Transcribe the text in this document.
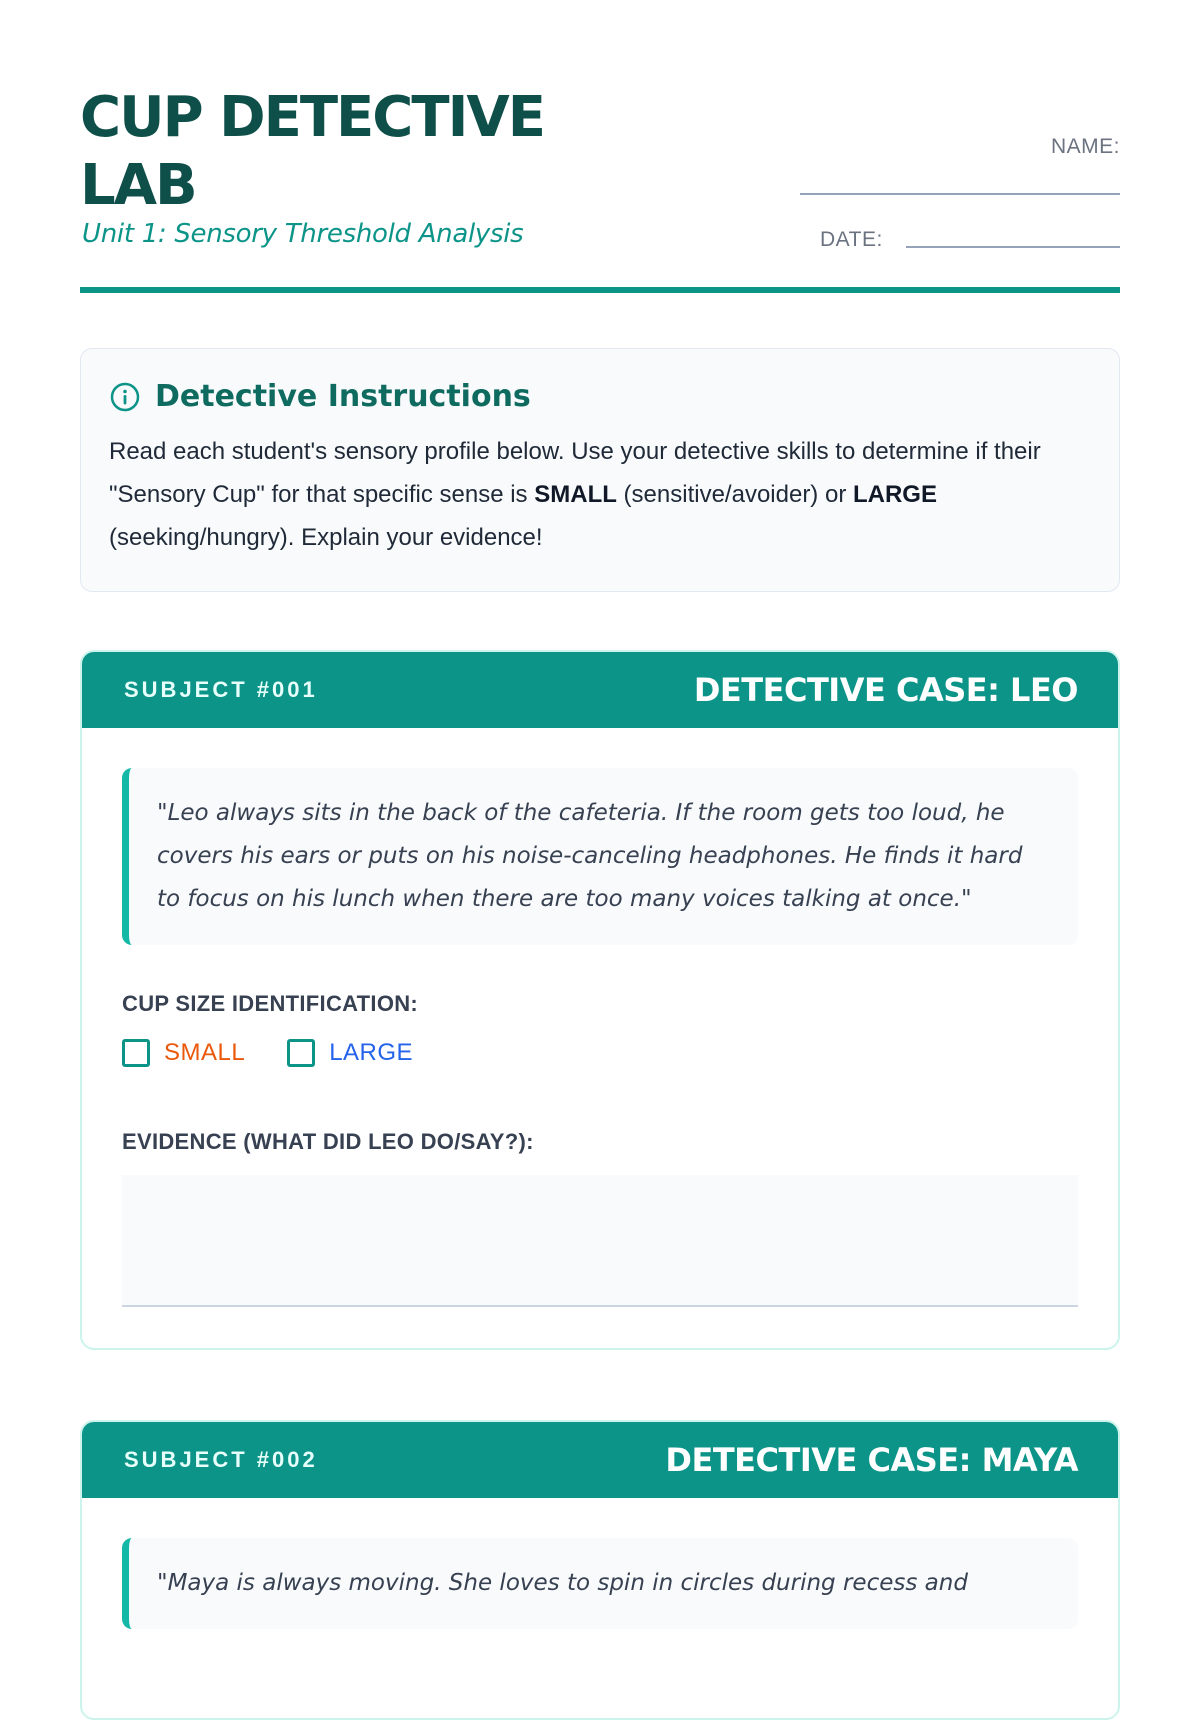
CUP DETECTIVE LAB
Unit 1: Sensory Threshold Analysis
NAME:
DATE:
Detective Instructions
Read each student's sensory profile below. Use your detective skills to determine if their "Sensory Cup" for that specific sense is SMALL (sensitive/avoider) or LARGE (seeking/hungry). Explain your evidence!
SUBJECT #001	DETECTIVE CASE: LEO
"Leo always sits in the back of the cafeteria. If the room gets too loud, he covers his ears or puts on his noise-canceling headphones. He finds it hard to focus on his lunch when there are too many voices talking at once."
CUP SIZE IDENTIFICATION:
SMALL	LARGE
EVIDENCE (WHAT DID LEO DO/SAY?):
SUBJECT #002	DETECTIVE CASE: MAYA
"Maya is always moving. She loves to spin in circles during recess and
